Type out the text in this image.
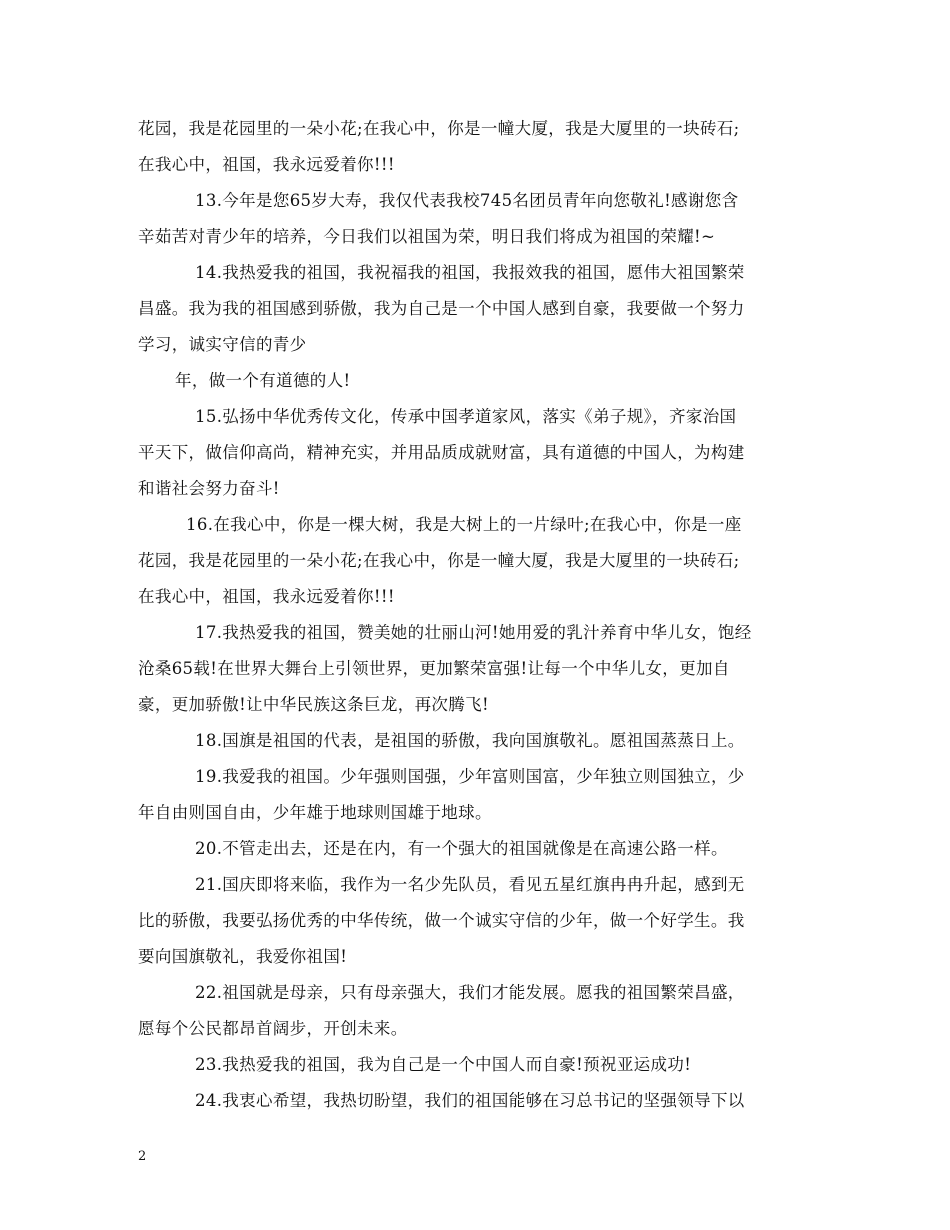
花园，我是花园里的一朵小花;在我心中，你是一幢大厦，我是大厦里的一块砖石;
在我心中，祖国，我永远爱着你!!!
13.今年是您65岁大寿，我仅代表我校745名团员青年向您敬礼!感谢您含
辛茹苦对青少年的培养，今日我们以祖国为荣，明日我们将成为祖国的荣耀!~
14.我热爱我的祖国，我祝福我的祖国，我报效我的祖国，愿伟大祖国繁荣
昌盛。我为我的祖国感到骄傲，我为自己是一个中国人感到自豪，我要做一个努力
学习，诚实守信的青少
年，做一个有道德的人!
15.弘扬中华优秀传文化，传承中国孝道家风，落实《弟子规》，齐家治国
平天下，做信仰高尚，精神充实，并用品质成就财富，具有道德的中国人，为构建
和谐社会努力奋斗!
16.在我心中，你是一棵大树，我是大树上的一片绿叶;在我心中，你是一座
花园，我是花园里的一朵小花;在我心中，你是一幢大厦，我是大厦里的一块砖石;
在我心中，祖国，我永远爱着你!!!
17.我热爱我的祖国，赞美她的壮丽山河!她用爱的乳汁养育中华儿女，饱经
沧桑65载!在世界大舞台上引领世界，更加繁荣富强!让每一个中华儿女，更加自
豪，更加骄傲!让中华民族这条巨龙，再次腾飞!
18.国旗是祖国的代表，是祖国的骄傲，我向国旗敬礼。愿祖国蒸蒸日上。
19.我爱我的祖国。少年强则国强，少年富则国富，少年独立则国独立，少
年自由则国自由，少年雄于地球则国雄于地球。
20.不管走出去，还是在内，有一个强大的祖国就像是在高速公路一样。
21.国庆即将来临，我作为一名少先队员，看见五星红旗冉冉升起，感到无
比的骄傲，我要弘扬优秀的中华传统，做一个诚实守信的少年，做一个好学生。我
要向国旗敬礼，我爱你祖国!
22.祖国就是母亲，只有母亲强大，我们才能发展。愿我的祖国繁荣昌盛，
愿每个公民都昂首阔步，开创未来。
23.我热爱我的祖国，我为自己是一个中国人而自豪!预祝亚运成功!
24.我衷心希望，我热切盼望，我们的祖国能够在习总书记的坚强领导下以
2
